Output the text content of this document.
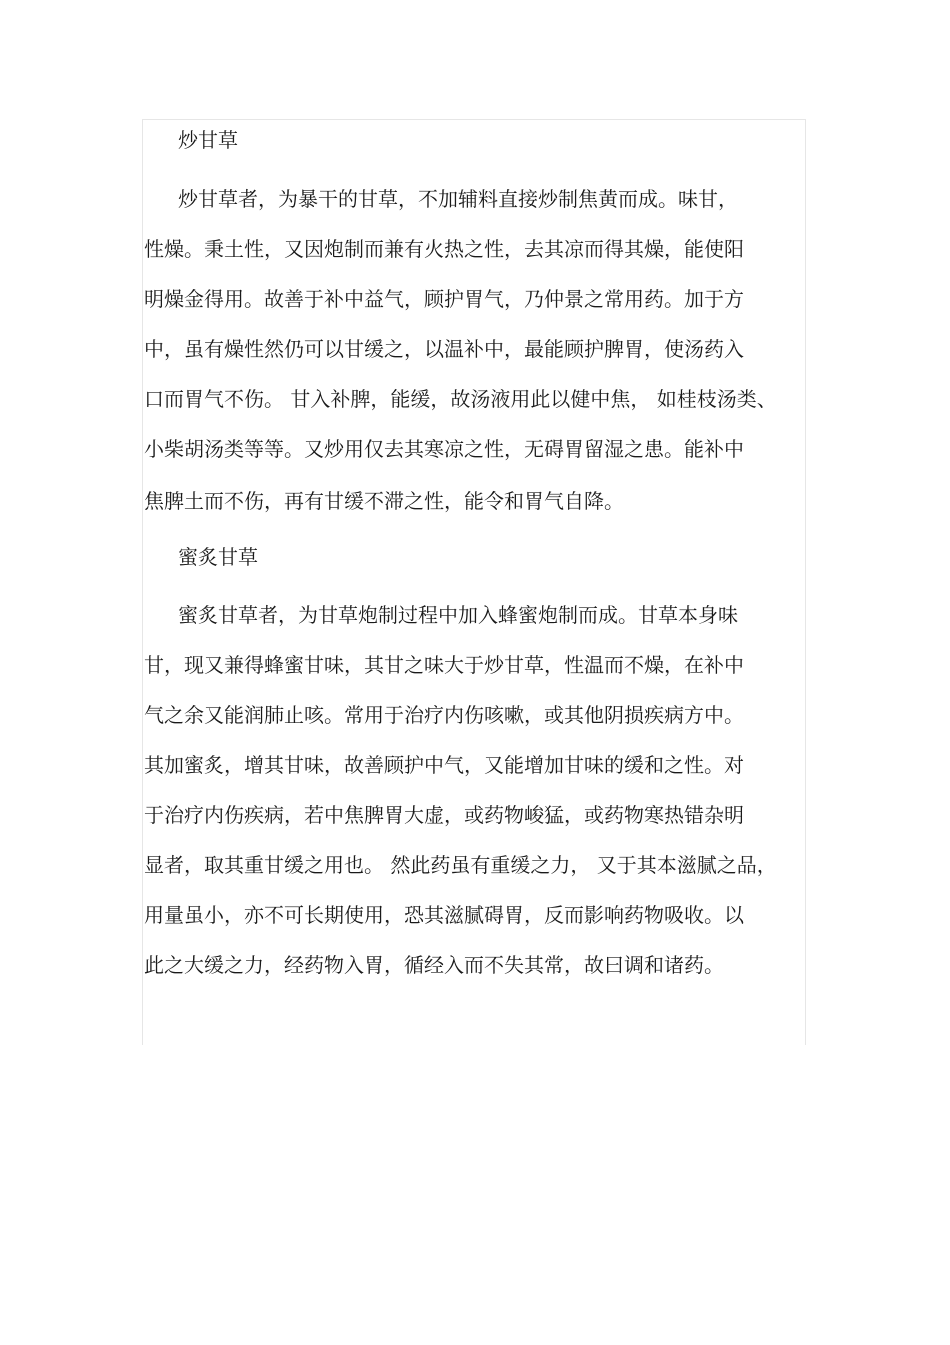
炒甘草
炒甘草者，为暴干的甘草，不加辅料直接炒制焦黄而成。味甘，
性燥。秉土性，又因炮制而兼有火热之性，去其凉而得其燥，能使阳
明燥金得用。故善于补中益气，顾护胃气，乃仲景之常用药。加于方
中，虽有燥性然仍可以甘缓之，以温补中，最能顾护脾胃，使汤药入
口而胃气不伤。 甘入补脾，能缓，故汤液用此以健中焦， 如桂枝汤类、
小柴胡汤类等等。又炒用仅去其寒凉之性，无碍胃留湿之患。能补中
焦脾土而不伤，再有甘缓不滞之性，能令和胃气自降。
蜜炙甘草
蜜炙甘草者，为甘草炮制过程中加入蜂蜜炮制而成。甘草本身味
甘，现又兼得蜂蜜甘味，其甘之味大于炒甘草，性温而不燥，在补中
气之余又能润肺止咳。常用于治疗内伤咳嗽，或其他阴损疾病方中。
其加蜜炙，增其甘味，故善顾护中气，又能增加甘味的缓和之性。对
于治疗内伤疾病，若中焦脾胃大虚，或药物峻猛，或药物寒热错杂明
显者，取其重甘缓之用也。 然此药虽有重缓之力， 又于其本滋腻之品，
用量虽小，亦不可长期使用，恐其滋腻碍胃，反而影响药物吸收。以
此之大缓之力，经药物入胃，循经入而不失其常，故曰调和诸药。
